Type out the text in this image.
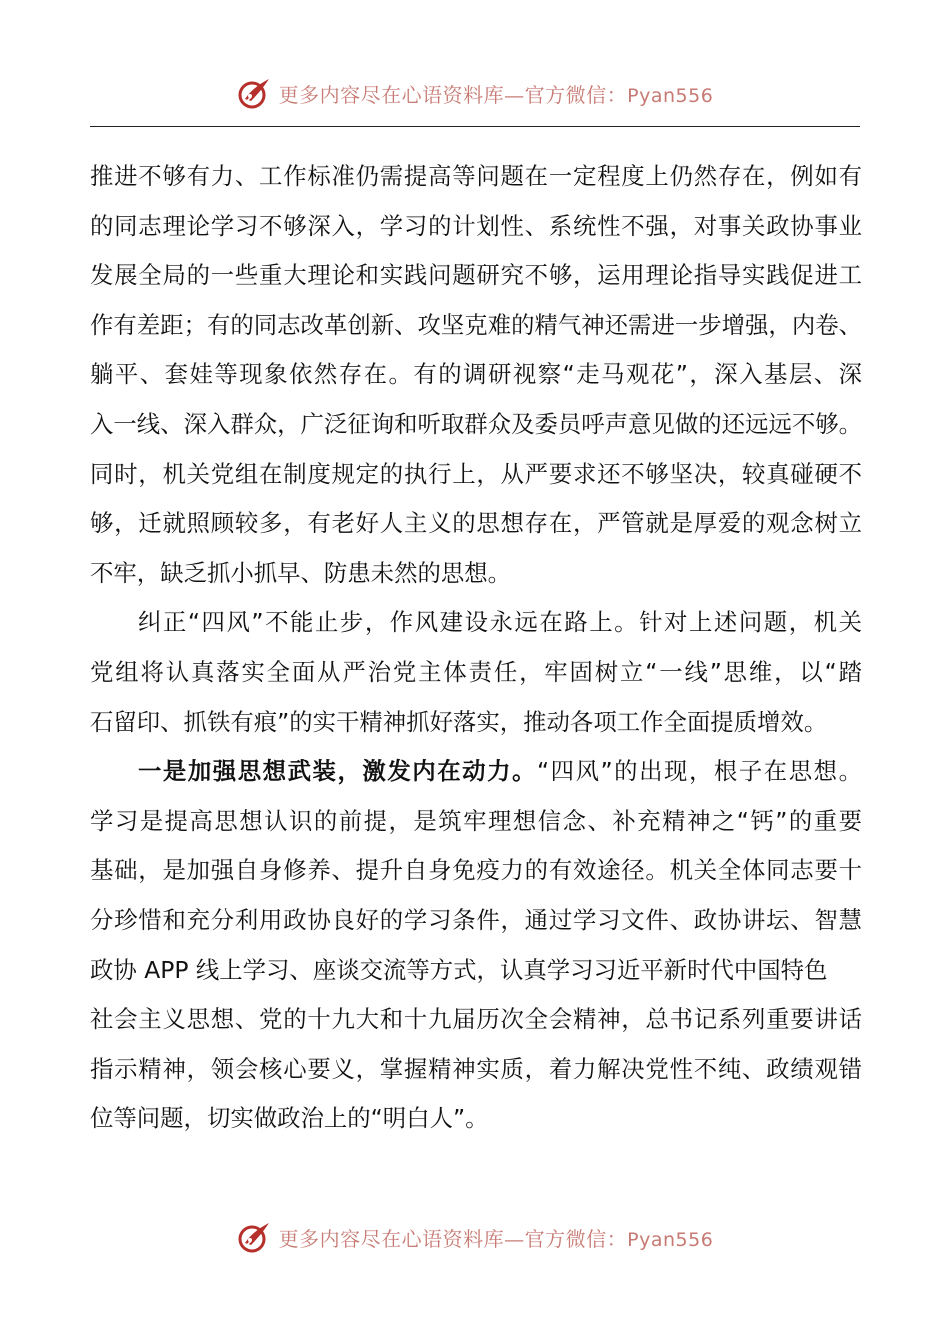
更多内容尽在心语资料库—官方微信：Pyan556
推进不够有力、工作标准仍需提高等问题在一定程度上仍然存在，例如有
的同志理论学习不够深入，学习的计划性、系统性不强，对事关政协事业
发展全局的一些重大理论和实践问题研究不够，运用理论指导实践促进工
作有差距；有的同志改革创新、攻坚克难的精气神还需进一步增强，内卷、
躺平、套娃等现象依然存在。有的调研视察“走马观花”，深入基层、深
入一线、深入群众，广泛征询和听取群众及委员呼声意见做的还远远不够。
同时，机关党组在制度规定的执行上，从严要求还不够坚决，较真碰硬不
够，迁就照顾较多，有老好人主义的思想存在，严管就是厚爱的观念树立
不牢，缺乏抓小抓早、防患未然的思想。
纠正“四风”不能止步，作风建设永远在路上。针对上述问题，机关
党组将认真落实全面从严治党主体责任，牢固树立“一线”思维，以“踏
石留印、抓铁有痕”的实干精神抓好落实，推动各项工作全面提质增效。
一是加强思想武装，激发内在动力。“四风”的出现，根子在思想。
学习是提高思想认识的前提，是筑牢理想信念、补充精神之“钙”的重要
基础，是加强自身修养、提升自身免疫力的有效途径。机关全体同志要十
分珍惜和充分利用政协良好的学习条件，通过学习文件、政协讲坛、智慧
政协 APP 线上学习、座谈交流等方式，认真学习习近平新时代中国特色
社会主义思想、党的十九大和十九届历次全会精神，总书记系列重要讲话
指示精神，领会核心要义，掌握精神实质，着力解决党性不纯、政绩观错
位等问题，切实做政治上的“明白人”。
更多内容尽在心语资料库—官方微信：Pyan556
